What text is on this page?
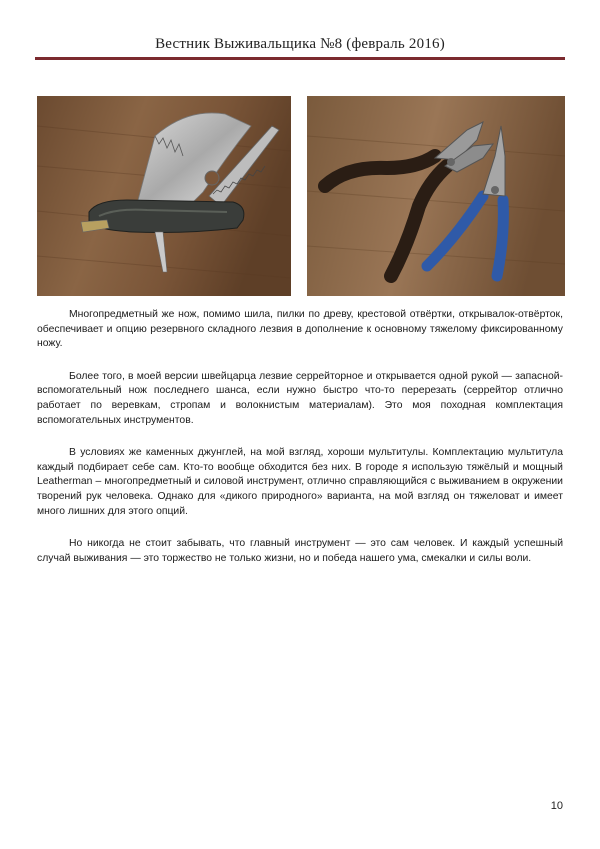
Вестник Выживальщика №8 (февраль 2016)

Многопредметный же нож, помимо шила, пилки по древу, крестовой отвёртки, открывалок-отвёрток, обеспечивает и опцию резервного складного лезвия в дополнение к основному тяжелому фиксированному ножу.

Более того, в моей версии швейцарца лезвие серрейторное и открывается одной рукой — запасной-вспомогательный нож последнего шанса, если нужно быстро что-то перерезать (серрейтор отлично работает по веревкам, стропам и волокнистым материалам). Это моя походная комплектация вспомогательных инструментов.

В условиях же каменных джунглей, на мой взгляд, хороши мультитулы. Комплектацию мультитула каждый подбирает себе сам. Кто-то вообще обходится без них. В городе я использую тяжёлый и мощный Leatherman – многопредметный и силовой инструмент, отлично справляющийся с выживанием в окружении творений рук человека. Однако для «дикого природного» варианта, на мой взгляд он тяжеловат и имеет много лишних для этого опций.

Но никогда не стоит забывать, что главный инструмент — это сам человек. И каждый успешный случай выживания — это торжество не только жизни, но и победа нашего ума, смекалки и силы воли.

10
